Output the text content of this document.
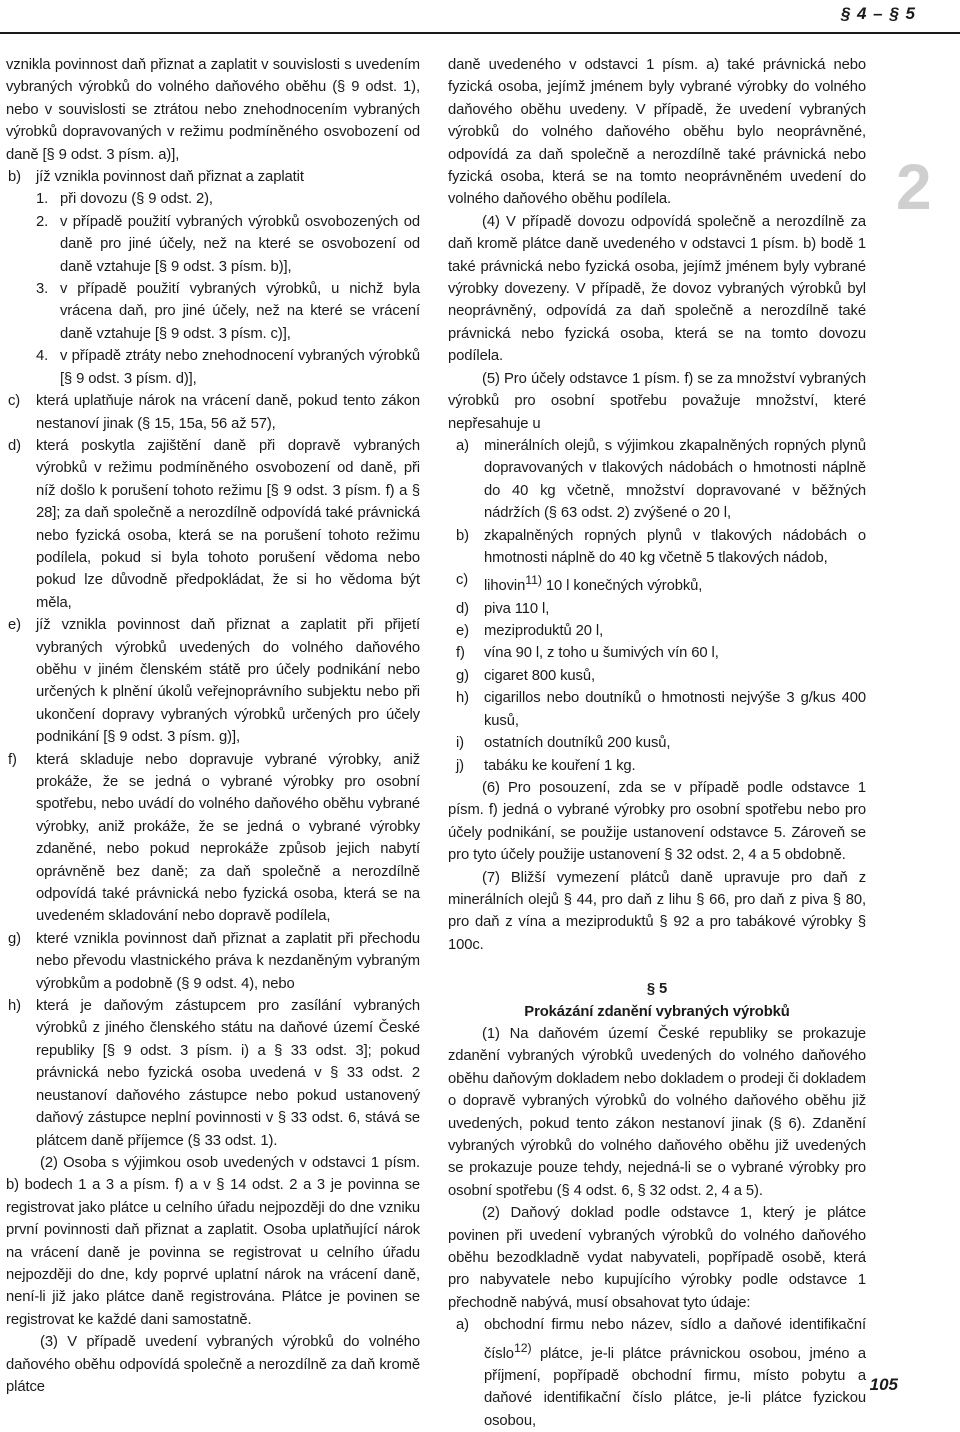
§ 4 – § 5
2

vznikla povinnost daň přiznat a zaplatit v souvislosti s uvedením vybraných výrobků do volného daňového oběhu (§ 9 odst. 1), nebo v souvislosti se ztrátou nebo znehodnocením vybraných výrobků dopravovaných v režimu podmíněného osvobození od daně [§ 9 odst. 3 písm. a)],

b) jíž vznikla povinnost daň přiznat a zaplatit
1. při dovozu (§ 9 odst. 2),
2. v případě použití vybraných výrobků osvobozených od daně pro jiné účely, než na které se osvobození od daně vztahuje [§ 9 odst. 3 písm. b)],
3. v případě použití vybraných výrobků, u nichž byla vrácena daň, pro jiné účely, než na které se vrácení daně vztahuje [§ 9 odst. 3 písm. c)],
4. v případě ztráty nebo znehodnocení vybraných výrobků [§ 9 odst. 3 písm. d)],
c) která uplatňuje nárok na vrácení daně, pokud tento zákon nestanoví jinak (§ 15, 15a, 56 až 57),
d) která poskytla zajištění daně při dopravě vybraných výrobků v režimu podmíněného osvobození od daně, při níž došlo k porušení tohoto režimu [§ 9 odst. 3 písm. f) a § 28]; za daň společně a nerozdílně odpovídá také právnická nebo fyzická osoba, která se na porušení tohoto režimu podílela, pokud si byla tohoto porušení vědoma nebo pokud lze důvodně předpokládat, že si ho vědoma být měla,
e) jíž vznikla povinnost daň přiznat a zaplatit při přijetí vybraných výrobků uvedených do volného daňového oběhu v jiném členském státě pro účely podnikání nebo určených k plnění úkolů veřejnoprávního subjektu nebo při ukončení dopravy vybraných výrobků určených pro účely podnikání [§ 9 odst. 3 písm. g)],
f) která skladuje nebo dopravuje vybrané výrobky, aniž prokáže, že se jedná o vybrané výrobky pro osobní spotřebu, nebo uvádí do volného daňového oběhu vybrané výrobky, aniž prokáže, že se jedná o vybrané výrobky zdaněné, nebo pokud neprokáže způsob jejich nabytí oprávněně bez daně; za daň společně a nerozdílně odpovídá také právnická nebo fyzická osoba, která se na uvedeném skladování nebo dopravě podílela,
g) které vznikla povinnost daň přiznat a zaplatit při přechodu nebo převodu vlastnického práva k nezdaněným vybraným výrobkům a podobně (§ 9 odst. 4), nebo
h) která je daňovým zástupcem pro zasílání vybraných výrobků z jiného členského státu na daňové území České republiky [§ 9 odst. 3 písm. i) a § 33 odst. 3]; pokud právnická nebo fyzická osoba uvedená v § 33 odst. 2 neustanoví daňového zástupce nebo pokud ustanovený daňový zástupce neplní povinnosti v § 33 odst. 6, stává se plátcem daně příjemce (§ 33 odst. 1).

(2) Osoba s výjimkou osob uvedených v odstavci 1 písm. b) bodech 1 a 3 a písm. f) a v § 14 odst. 2 a 3 je povinna se registrovat jako plátce u celního úřadu nejpozději do dne vzniku první povinnosti daň přiznat a zaplatit. Osoba uplatňující nárok na vrácení daně je povinna se registrovat u celního úřadu nejpozději do dne, kdy poprvé uplatní nárok na vrácení daně, není-li již jako plátce daně registrována. Plátce je povinen se registrovat ke každé dani samostatně.

(3) V případě uvedení vybraných výrobků do volného daňového oběhu odpovídá společně a nerozdílně za daň kromě plátce

daně uvedeného v odstavci 1 písm. a) také právnická nebo fyzická osoba, jejímž jménem byly vybrané výrobky do volného daňového oběhu uvedeny. V případě, že uvedení vybraných výrobků do volného daňového oběhu bylo neoprávněné, odpovídá za daň společně a nerozdílně také právnická nebo fyzická osoba, která se na tomto neoprávněném uvedení do volného daňového oběhu podílela.

(4) V případě dovozu odpovídá společně a nerozdílně za daň kromě plátce daně uvedeného v odstavci 1 písm. b) bodě 1 také právnická nebo fyzická osoba, jejímž jménem byly vybrané výrobky dovezeny. V případě, že dovoz vybraných výrobků byl neoprávněný, odpovídá za daň společně a nerozdílně také právnická nebo fyzická osoba, která se na tomto dovozu podílela.

(5) Pro účely odstavce 1 písm. f) se za množství vybraných výrobků pro osobní spotřebu považuje množství, které nepřesahuje u

a) minerálních olejů, s výjimkou zkapalněných ropných plynů dopravovaných v tlakových nádobách o hmotnosti náplně do 40 kg včetně, množství dopravované v běžných nádržích (§ 63 odst. 2) zvýšené o 20 l,
b) zkapalněných ropných plynů v tlakových nádobách o hmotnosti náplně do 40 kg včetně 5 tlakových nádob,
c) lihovin$^{11)}$ 10 l konečných výrobků,
d) piva 110 l,
e) meziproduktů 20 l,
f) vína 90 l, z toho u šumivých vín 60 l,
g) cigaret 800 kusů,
h) cigarillos nebo doutníků o hmotnosti nejvýše 3 g/kus 400 kusů,
i) ostatních doutníků 200 kusů,
j) tabáku ke kouření 1 kg.

(6) Pro posouzení, zda se v případě podle odstavce 1 písm. f) jedná o vybrané výrobky pro osobní spotřebu nebo pro účely podnikání, se použije ustanovení odstavce 5. Zároveň se pro tyto účely použije ustanovení § 32 odst. 2, 4 a 5 obdobně.

(7) Bližší vymezení plátců daně upravuje pro daň z minerálních olejů § 44, pro daň z lihu § 66, pro daň z piva § 80, pro daň z vína a meziproduktů § 92 a pro tabákové výrobky § 100c.

§ 5
Prokázání zdanění vybraných výrobků

(1) Na daňovém území České republiky se prokazuje zdanění vybraných výrobků uvedených do volného daňového oběhu daňovým dokladem nebo dokladem o prodeji či dokladem o dopravě vybraných výrobků do volného daňového oběhu již uvedených, pokud tento zákon nestanoví jinak (§ 6). Zdanění vybraných výrobků do volného daňového oběhu již uvedených se prokazuje pouze tehdy, nejedná-li se o vybrané výrobky pro osobní spotřebu (§ 4 odst. 6, § 32 odst. 2, 4 a 5).

(2) Daňový doklad podle odstavce 1, který je plátce povinen při uvedení vybraných výrobků do volného daňového oběhu bezodkladně vydat nabyvateli, popřípadě osobě, která pro nabyvatele nebo kupujícího výrobky podle odstavce 1 přechodně nabývá, musí obsahovat tyto údaje:

a) obchodní firmu nebo název, sídlo a daňové identifikační číslo$^{12)}$ plátce, je-li plátce právnickou osobou, jméno a příjmení, popřípadě obchodní firmu, místo pobytu a daňové identifikační číslo plátce, je-li plátce fyzickou osobou,
105
